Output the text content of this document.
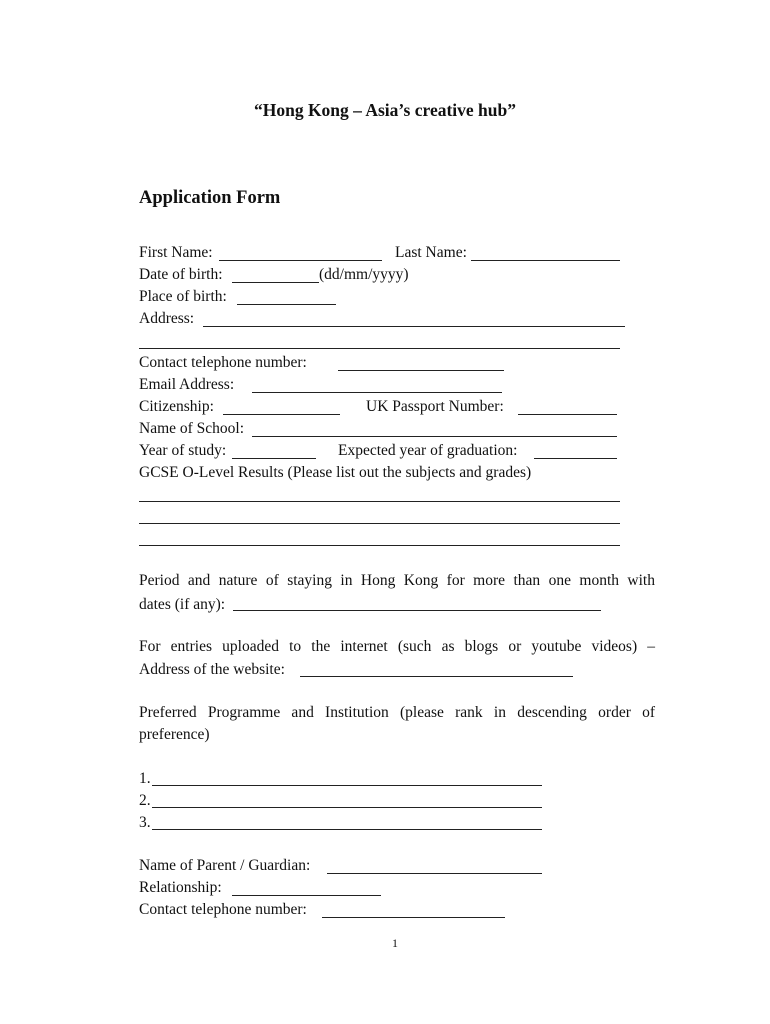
“Hong Kong – Asia’s creative hub”
Application Form
First Name:	Last Name:
Date of birth:	(dd/mm/yyyy)
Place of birth:
Address:
Contact telephone number:
Email Address:
Citizenship:	UK Passport Number:
Name of School:
Year of study:	Expected year of graduation:
GCSE O-Level Results (Please list out the subjects and grades)
Period and nature of staying in Hong Kong for more than one month with
dates (if any):
For entries uploaded to the internet (such as blogs or youtube videos) –
Address of the website:
Preferred Programme and Institution (please rank in descending order of
preference)
1.
2.
3.
Name of Parent / Guardian:
Relationship:
Contact telephone number:
1
